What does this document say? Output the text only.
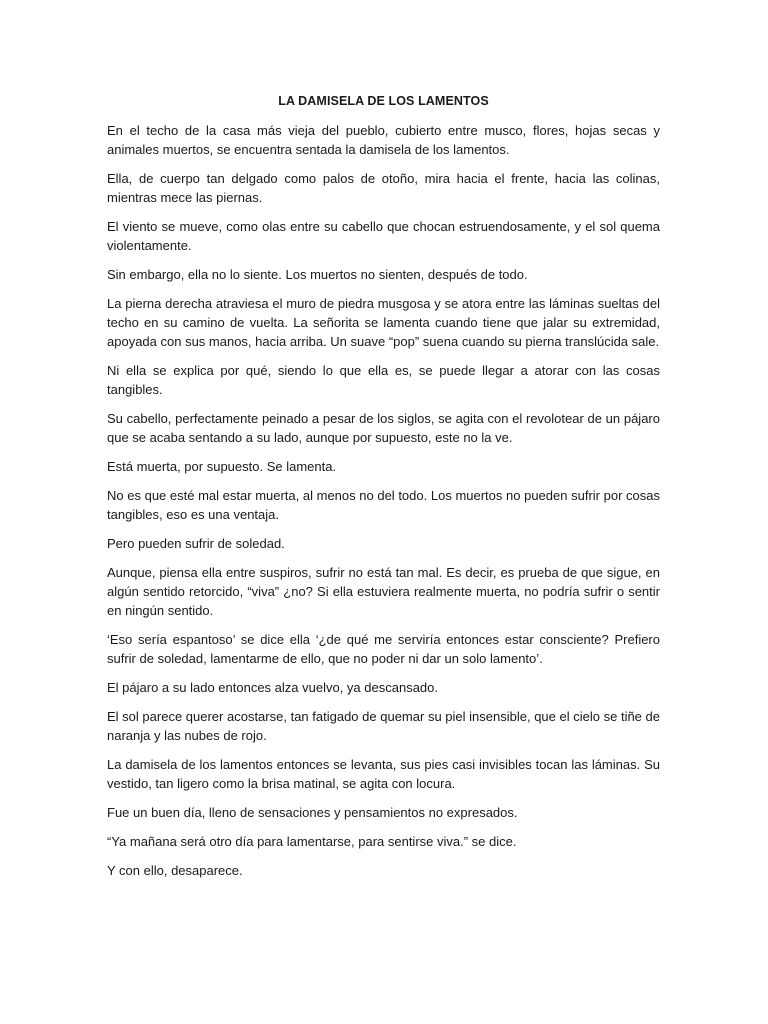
LA DAMISELA DE LOS LAMENTOS
En el techo de la casa más vieja del pueblo, cubierto entre musco, flores, hojas secas y animales muertos, se encuentra sentada la damisela de los lamentos.
Ella, de cuerpo tan delgado como palos de otoño, mira hacia el frente, hacia las colinas, mientras mece las piernas.
El viento se mueve, como olas entre su cabello que chocan estruendosamente, y el sol quema violentamente.
Sin embargo, ella no lo siente. Los muertos no sienten, después de todo.
La pierna derecha atraviesa el muro de piedra musgosa y se atora entre las láminas sueltas del techo en su camino de vuelta. La señorita se lamenta cuando tiene que jalar su extremidad, apoyada con sus manos, hacia arriba. Un suave “pop” suena cuando su pierna translúcida sale.
Ni ella se explica por qué, siendo lo que ella es, se puede llegar a atorar con las cosas tangibles.
Su cabello, perfectamente peinado a pesar de los siglos, se agita con el revolotear de un pájaro que se acaba sentando a su lado, aunque por supuesto, este no la ve.
Está muerta, por supuesto. Se lamenta.
No es que esté mal estar muerta, al menos no del todo. Los muertos no pueden sufrir por cosas tangibles, eso es una ventaja.
Pero pueden sufrir de soledad.
Aunque, piensa ella entre suspiros, sufrir no está tan mal. Es decir, es prueba de que sigue, en algún sentido retorcido, “viva” ¿no? Si ella estuviera realmente muerta, no podría sufrir o sentir en ningún sentido.
‘Eso sería espantoso’ se dice ella ‘¿de qué me serviría entonces estar consciente? Prefiero sufrir de soledad, lamentarme de ello, que no poder ni dar un solo lamento’.
El pájaro a su lado entonces alza vuelvo, ya descansado.
El sol parece querer acostarse, tan fatigado de quemar su piel insensible, que el cielo se tiñe de naranja y las nubes de rojo.
La damisela de los lamentos entonces se levanta, sus pies casi invisibles tocan las láminas. Su vestido, tan ligero como la brisa matinal, se agita con locura.
Fue un buen día, lleno de sensaciones y pensamientos no expresados.
“Ya mañana será otro día para lamentarse, para sentirse viva.” se dice.
Y con ello, desaparece.
